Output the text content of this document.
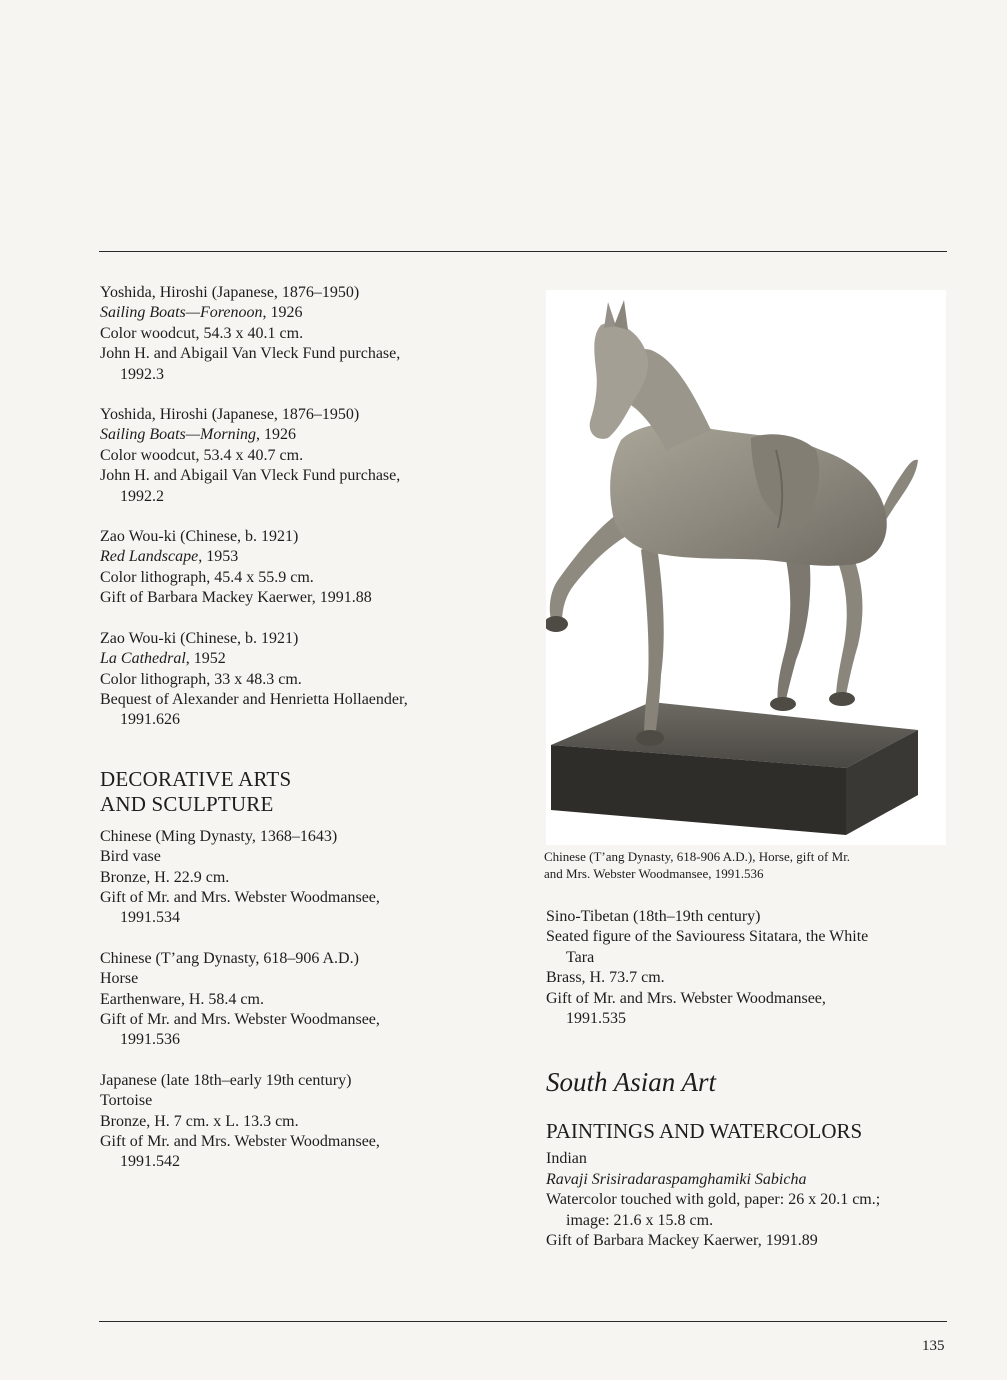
Yoshida, Hiroshi (Japanese, 1876–1950)
Sailing Boats—Forenoon, 1926
Color woodcut, 54.3 x 40.1 cm.
John H. and Abigail Van Vleck Fund purchase,
1992.3
Yoshida, Hiroshi (Japanese, 1876–1950)
Sailing Boats—Morning, 1926
Color woodcut, 53.4 x 40.7 cm.
John H. and Abigail Van Vleck Fund purchase,
1992.2
Zao Wou-ki (Chinese, b. 1921)
Red Landscape, 1953
Color lithograph, 45.4 x 55.9 cm.
Gift of Barbara Mackey Kaerwer, 1991.88
Zao Wou-ki (Chinese, b. 1921)
La Cathedral, 1952
Color lithograph, 33 x 48.3 cm.
Bequest of Alexander and Henrietta Hollaender,
1991.626
DECORATIVE ARTS
AND SCULPTURE
Chinese (Ming Dynasty, 1368–1643)
Bird vase
Bronze, H. 22.9 cm.
Gift of Mr. and Mrs. Webster Woodmansee,
1991.534
Chinese (T’ang Dynasty, 618–906 A.D.)
Horse
Earthenware, H. 58.4 cm.
Gift of Mr. and Mrs. Webster Woodmansee,
1991.536
Japanese (late 18th–early 19th century)
Tortoise
Bronze, H. 7 cm. x L. 13.3 cm.
Gift of Mr. and Mrs. Webster Woodmansee,
1991.542
Chinese (T’ang Dynasty, 618-906 A.D.), Horse, gift of Mr.
and Mrs. Webster Woodmansee, 1991.536
Sino-Tibetan (18th–19th century)
Seated figure of the Saviouress Sitatara, the White
Tara
Brass, H. 73.7 cm.
Gift of Mr. and Mrs. Webster Woodmansee,
1991.535
South Asian Art
PAINTINGS AND WATERCOLORS
Indian
Ravaji Srisiradaraspamghamiki Sabicha
Watercolor touched with gold, paper: 26 x 20.1 cm.;
image: 21.6 x 15.8 cm.
Gift of Barbara Mackey Kaerwer, 1991.89
135
